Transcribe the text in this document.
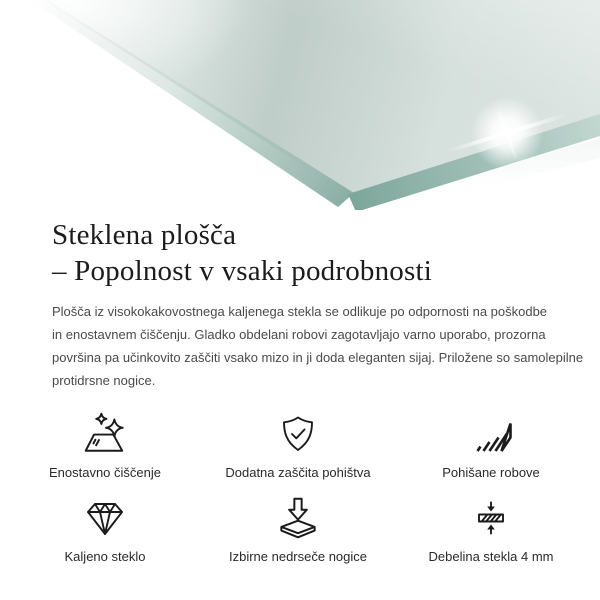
Steklena plošča
– Popolnost v vsaki podrobnosti
Plošča iz visokokakovostnega kaljenega stekla se odlikuje po odpornosti na poškodbe
in enostavnem čiščenju. Gladko obdelani robovi zagotavljajo varno uporabo, prozorna
površina pa učinkovito zaščiti vsako mizo in ji doda eleganten sijaj. Priložene so samolepilne
protidrsne nogice.
Enostavno čiščenje	Dodatna zaščita pohištva	Pohišane robove
Kaljeno steklo	Izbirne nedrseče nogice	Debelina stekla 4 mm
